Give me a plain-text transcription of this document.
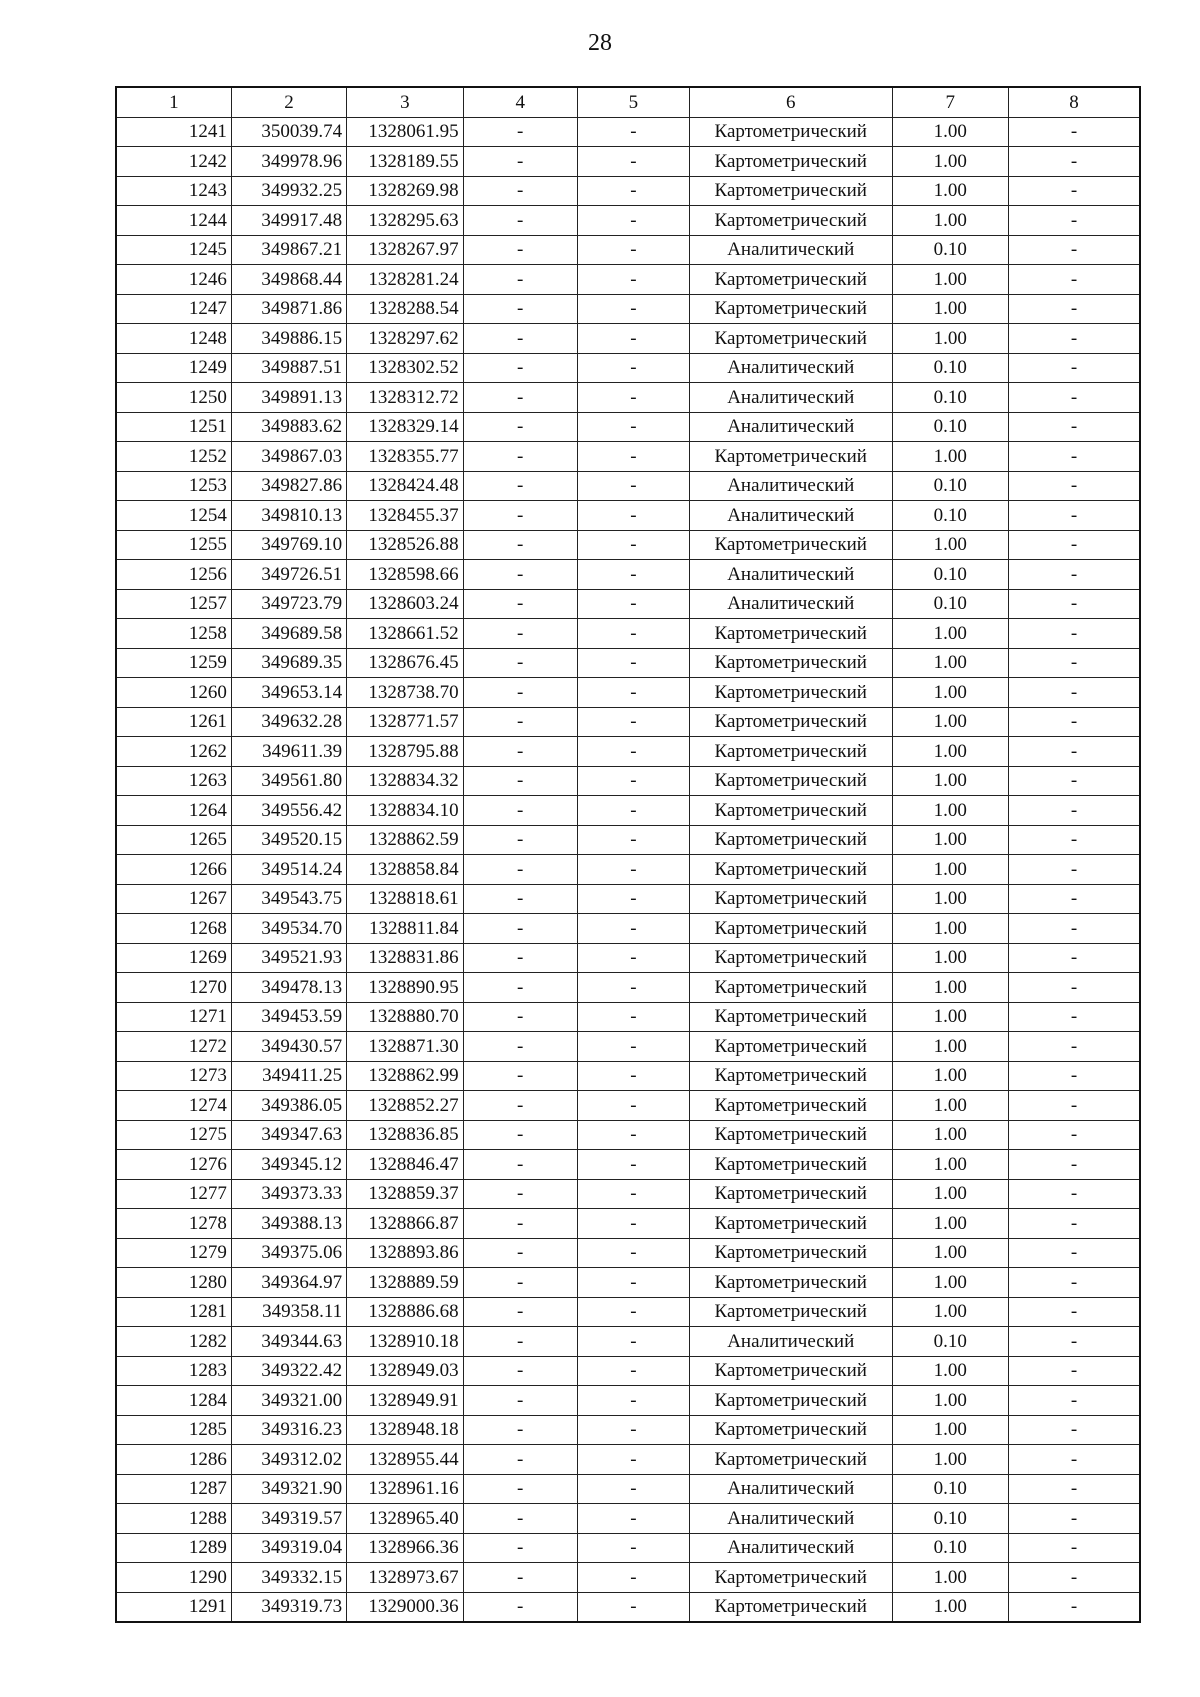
28
1	2	3	4	5	6	7	8
1241	350039.74	1328061.95	-	-	Картометрический	1.00	-
1242	349978.96	1328189.55	-	-	Картометрический	1.00	-
1243	349932.25	1328269.98	-	-	Картометрический	1.00	-
1244	349917.48	1328295.63	-	-	Картометрический	1.00	-
1245	349867.21	1328267.97	-	-	Аналитический	0.10	-
1246	349868.44	1328281.24	-	-	Картометрический	1.00	-
1247	349871.86	1328288.54	-	-	Картометрический	1.00	-
1248	349886.15	1328297.62	-	-	Картометрический	1.00	-
1249	349887.51	1328302.52	-	-	Аналитический	0.10	-
1250	349891.13	1328312.72	-	-	Аналитический	0.10	-
1251	349883.62	1328329.14	-	-	Аналитический	0.10	-
1252	349867.03	1328355.77	-	-	Картометрический	1.00	-
1253	349827.86	1328424.48	-	-	Аналитический	0.10	-
1254	349810.13	1328455.37	-	-	Аналитический	0.10	-
1255	349769.10	1328526.88	-	-	Картометрический	1.00	-
1256	349726.51	1328598.66	-	-	Аналитический	0.10	-
1257	349723.79	1328603.24	-	-	Аналитический	0.10	-
1258	349689.58	1328661.52	-	-	Картометрический	1.00	-
1259	349689.35	1328676.45	-	-	Картометрический	1.00	-
1260	349653.14	1328738.70	-	-	Картометрический	1.00	-
1261	349632.28	1328771.57	-	-	Картометрический	1.00	-
1262	349611.39	1328795.88	-	-	Картометрический	1.00	-
1263	349561.80	1328834.32	-	-	Картометрический	1.00	-
1264	349556.42	1328834.10	-	-	Картометрический	1.00	-
1265	349520.15	1328862.59	-	-	Картометрический	1.00	-
1266	349514.24	1328858.84	-	-	Картометрический	1.00	-
1267	349543.75	1328818.61	-	-	Картометрический	1.00	-
1268	349534.70	1328811.84	-	-	Картометрический	1.00	-
1269	349521.93	1328831.86	-	-	Картометрический	1.00	-
1270	349478.13	1328890.95	-	-	Картометрический	1.00	-
1271	349453.59	1328880.70	-	-	Картометрический	1.00	-
1272	349430.57	1328871.30	-	-	Картометрический	1.00	-
1273	349411.25	1328862.99	-	-	Картометрический	1.00	-
1274	349386.05	1328852.27	-	-	Картометрический	1.00	-
1275	349347.63	1328836.85	-	-	Картометрический	1.00	-
1276	349345.12	1328846.47	-	-	Картометрический	1.00	-
1277	349373.33	1328859.37	-	-	Картометрический	1.00	-
1278	349388.13	1328866.87	-	-	Картометрический	1.00	-
1279	349375.06	1328893.86	-	-	Картометрический	1.00	-
1280	349364.97	1328889.59	-	-	Картометрический	1.00	-
1281	349358.11	1328886.68	-	-	Картометрический	1.00	-
1282	349344.63	1328910.18	-	-	Аналитический	0.10	-
1283	349322.42	1328949.03	-	-	Картометрический	1.00	-
1284	349321.00	1328949.91	-	-	Картометрический	1.00	-
1285	349316.23	1328948.18	-	-	Картометрический	1.00	-
1286	349312.02	1328955.44	-	-	Картометрический	1.00	-
1287	349321.90	1328961.16	-	-	Аналитический	0.10	-
1288	349319.57	1328965.40	-	-	Аналитический	0.10	-
1289	349319.04	1328966.36	-	-	Аналитический	0.10	-
1290	349332.15	1328973.67	-	-	Картометрический	1.00	-
1291	349319.73	1329000.36	-	-	Картометрический	1.00	-
